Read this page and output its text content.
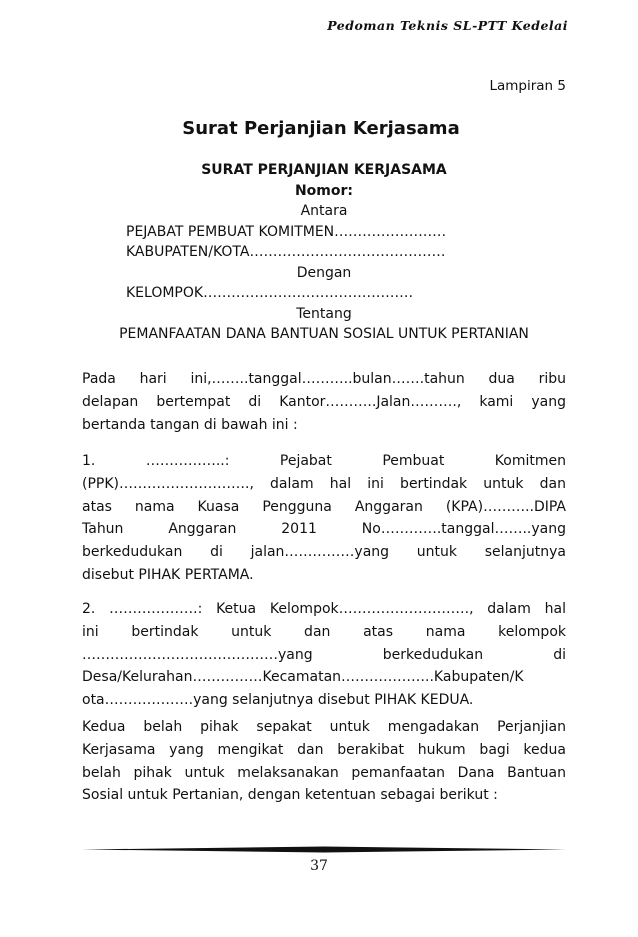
Pedoman Teknis SL-PTT Kedelai
Lampiran 5
Surat Perjanjian Kerjasama
SURAT PERJANJIAN KERJASAMA
Nomor:
Antara
PEJABAT PEMBUAT KOMITMEN……………………
KABUPATEN/KOTA……………………………………
Dengan
KELOMPOK………………………………………
Tentang
PEMANFAATAN DANA BANTUAN SOSIAL UNTUK PERTANIAN
Pada hari ini,……..tanggal………..bulan…….tahun dua ribu
delapan bertempat di Kantor………..Jalan………., kami yang
bertanda tangan di bawah ini :
1. ……………..: Pejabat Pembuat Komitmen
(PPK)………………………., dalam hal ini bertindak untuk dan
atas nama Kuasa Pengguna Anggaran (KPA)………..DIPA
Tahun Anggaran 2011 No………….tanggal……..yang
berkedudukan di jalan……………yang untuk selanjutnya
disebut PIHAK PERTAMA.
2. ……………….: Ketua Kelompok………………………., dalam hal
ini bertindak untuk dan atas nama kelompok
……………………………………yang berkedudukan di
Desa/Kelurahan……………Kecamatan………………..Kabupaten/K
ota……………….yang selanjutnya disebut PIHAK KEDUA.
Kedua belah pihak sepakat untuk mengadakan Perjanjian
Kerjasama yang mengikat dan berakibat hukum bagi kedua
belah pihak untuk melaksanakan pemanfaatan Dana Bantuan
Sosial untuk Pertanian, dengan ketentuan sebagai berikut :
37
